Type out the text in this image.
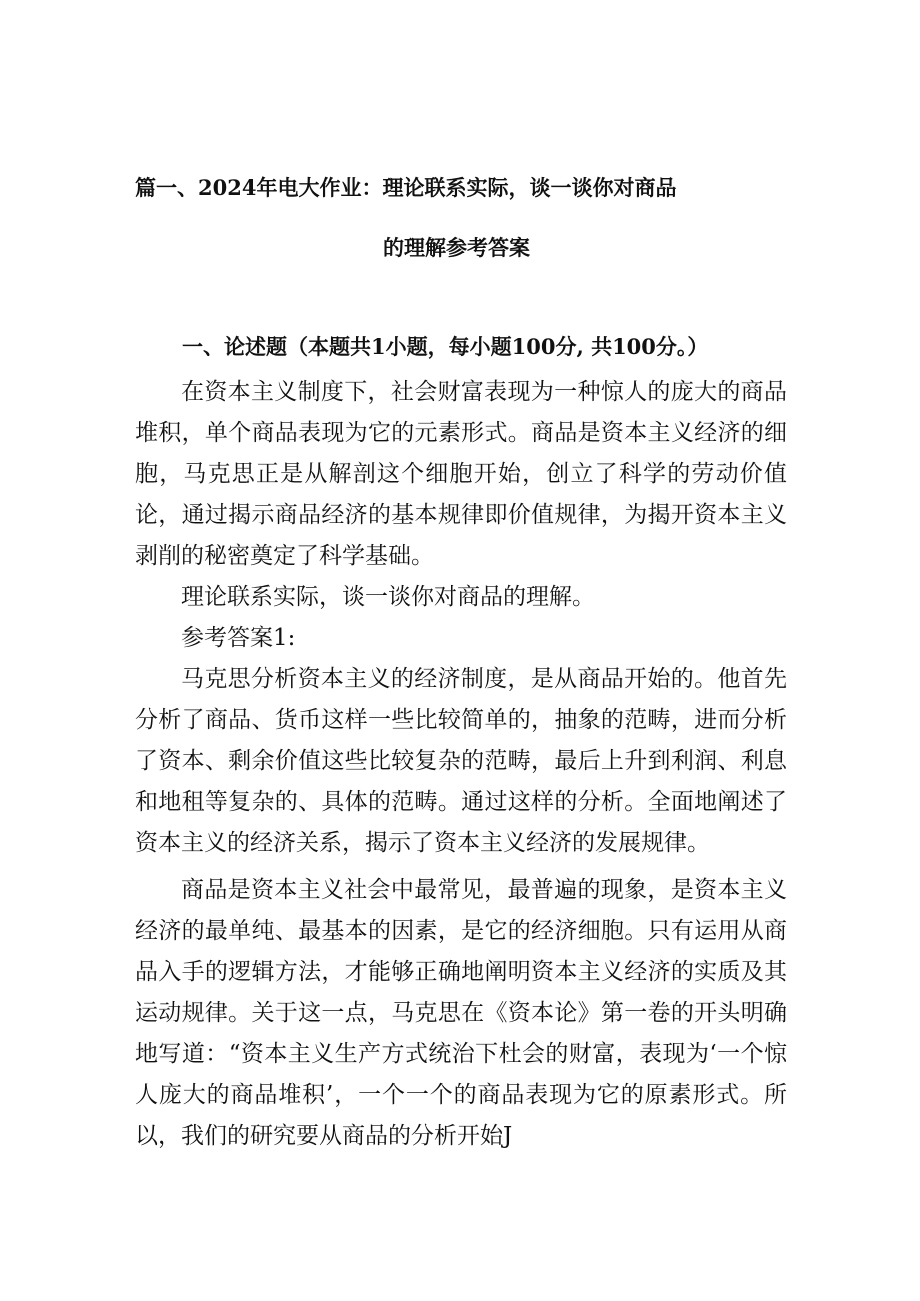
篇一、2024年电大作业：理论联系实际，谈一谈你对商品
的理解参考答案
一、论述题（本题共1小题，每小题100分, 共100分。）

在资本主义制度下，社会财富表现为一种惊人的庞大的商品堆积，单个商品表现为它的元素形式。商品是资本主义经济的细胞，马克思正是从解剖这个细胞开始，创立了科学的劳动价值论，通过揭示商品经济的基本规律即价值规律，为揭开资本主义剥削的秘密奠定了科学基础。

理论联系实际，谈一谈你对商品的理解。

参考答案1:

马克思分析资本主义的经济制度，是从商品开始的。他首先分析了商品、货币这样一些比较简单的，抽象的范畴，进而分析了资本、剩余价值这些比较复杂的范畴，最后上升到利润、利息和地租等复杂的、具体的范畴。通过这样的分析。全面地阐述了资本主义的经济关系，揭示了资本主义经济的发展规律。

商品是资本主义社会中最常见，最普遍的现象，是资本主义经济的最单纯、最基本的因素，是它的经济细胞。只有运用从商品入手的逻辑方法，才能够正确地阐明资本主义经济的实质及其运动规律。关于这一点，马克思在《资本论》第一卷的开头明确地写道：“资本主义生产方式统治下杜会的财富，表现为‘一个惊人庞大的商品堆积’，一个一个的商品表现为它的原素形式。所以，我们的研究要从商品的分析开始J
